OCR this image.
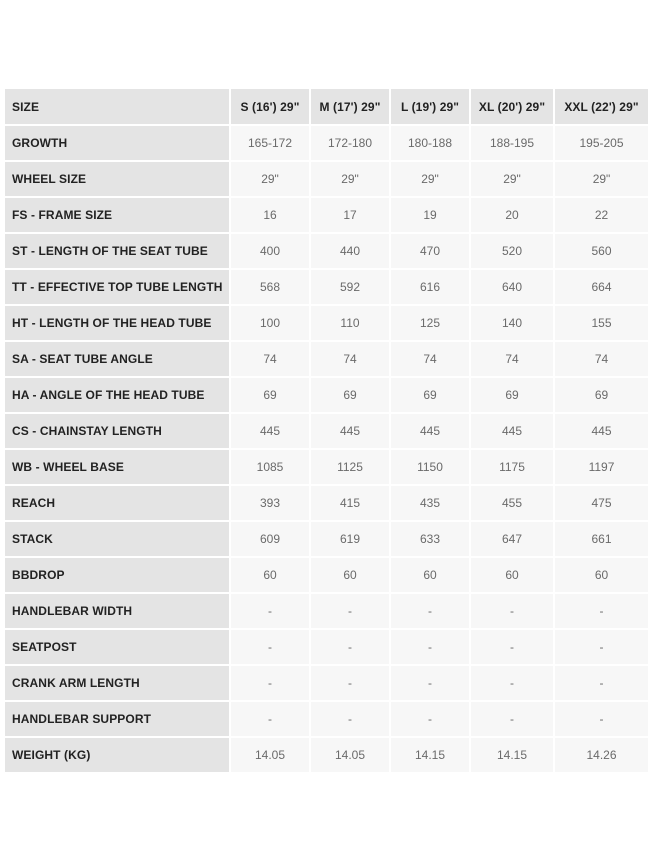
SIZE	S (16') 29"	M (17') 29"	L (19') 29"	XL (20') 29"	XXL (22') 29"
GROWTH	165-172	172-180	180-188	188-195	195-205
WHEEL SIZE	29"	29"	29"	29"	29"
FS - FRAME SIZE	16	17	19	20	22
ST - LENGTH OF THE SEAT TUBE	400	440	470	520	560
TT - EFFECTIVE TOP TUBE LENGTH	568	592	616	640	664
HT - LENGTH OF THE HEAD TUBE	100	110	125	140	155
SA - SEAT TUBE ANGLE	74	74	74	74	74
HA - ANGLE OF THE HEAD TUBE	69	69	69	69	69
CS - CHAINSTAY LENGTH	445	445	445	445	445
WB - WHEEL BASE	1085	1125	1150	1175	1197
REACH	393	415	435	455	475
STACK	609	619	633	647	661
BBDROP	60	60	60	60	60
HANDLEBAR WIDTH	-	-	-	-	-
SEATPOST	-	-	-	-	-
CRANK ARM LENGTH	-	-	-	-	-
HANDLEBAR SUPPORT	-	-	-	-	-
WEIGHT (KG)	14.05	14.05	14.15	14.15	14.26
